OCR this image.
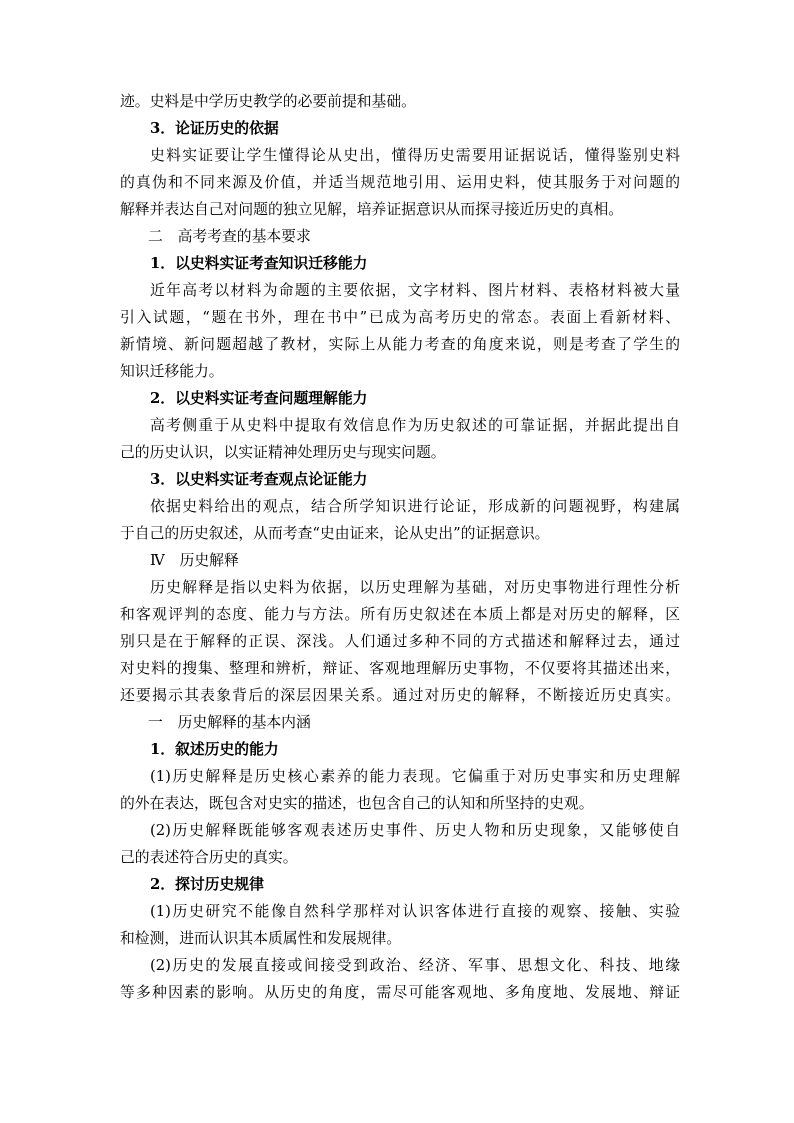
迹。史料是中学历史教学的必要前提和基础。
3．论证历史的依据
史料实证要让学生懂得论从史出，懂得历史需要用证据说话，懂得鉴别史料
的真伪和不同来源及价值，并适当规范地引用、运用史料，使其服务于对问题的
解释并表达自己对问题的独立见解，培养证据意识从而探寻接近历史的真相。
二　高考考查的基本要求
1．以史料实证考查知识迁移能力
近年高考以材料为命题的主要依据，文字材料、图片材料、表格材料被大量
引入试题，“题在书外，理在书中”已成为高考历史的常态。表面上看新材料、
新情境、新问题超越了教材，实际上从能力考查的角度来说，则是考查了学生的
知识迁移能力。
2．以史料实证考查问题理解能力
高考侧重于从史料中提取有效信息作为历史叙述的可靠证据，并据此提出自
己的历史认识，以实证精神处理历史与现实问题。
3．以史料实证考查观点论证能力
依据史料给出的观点，结合所学知识进行论证，形成新的问题视野，构建属
于自己的历史叙述，从而考查“史由证来，论从史出”的证据意识。
Ⅳ　历史解释
历史解释是指以史料为依据，以历史理解为基础，对历史事物进行理性分析
和客观评判的态度、能力与方法。所有历史叙述在本质上都是对历史的解释，区
别只是在于解释的正误、深浅。人们通过多种不同的方式描述和解释过去，通过
对史料的搜集、整理和辨析，辩证、客观地理解历史事物，不仅要将其描述出来，
还要揭示其表象背后的深层因果关系。通过对历史的解释，不断接近历史真实。
一　历史解释的基本内涵
1．叙述历史的能力
(1)历史解释是历史核心素养的能力表现。它偏重于对历史事实和历史理解
的外在表达，既包含对史实的描述，也包含自己的认知和所坚持的史观。
(2)历史解释既能够客观表述历史事件、历史人物和历史现象，又能够使自
己的表述符合历史的真实。
2．探讨历史规律
(1)历史研究不能像自然科学那样对认识客体进行直接的观察、接触、实验
和检测，进而认识其本质属性和发展规律。
(2)历史的发展直接或间接受到政治、经济、军事、思想文化、科技、地缘
等多种因素的影响。从历史的角度，需尽可能客观地、多角度地、发展地、辩证
